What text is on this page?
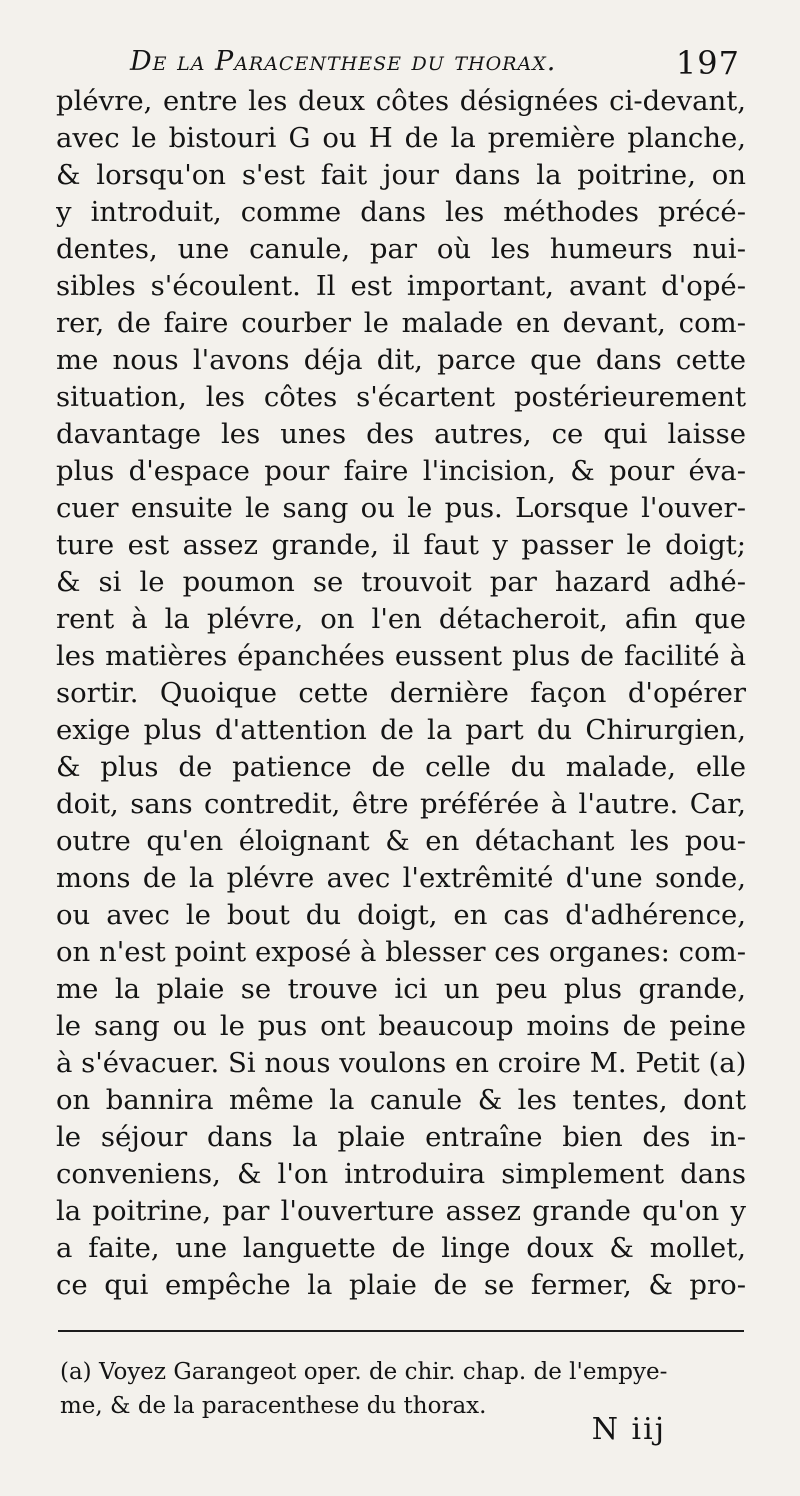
De la Paracenthese du thorax.	197
plévre, entre les deux côtes désignées ci-devant,
avec le bistouri G ou H de la première planche,
& lorsqu'on s'est fait jour dans la poitrine, on
y introduit, comme dans les méthodes précé-
dentes, une canule, par où les humeurs nui-
sibles s'écoulent. Il est important, avant d'opé-
rer, de faire courber le malade en devant, com-
me nous l'avons déja dit, parce que dans cette
situation, les côtes s'écartent postérieurement
davantage les unes des autres, ce qui laisse
plus d'espace pour faire l'incision, & pour éva-
cuer ensuite le sang ou le pus. Lorsque l'ouver-
ture est assez grande, il faut y passer le doigt;
& si le poumon se trouvoit par hazard adhé-
rent à la plévre, on l'en détacheroit, afin que
les matières épanchées eussent plus de facilité à
sortir. Quoique cette dernière façon d'opérer
exige plus d'attention de la part du Chirurgien,
& plus de patience de celle du malade, elle
doit, sans contredit, être préférée à l'autre. Car,
outre qu'en éloignant & en détachant les pou-
mons de la plévre avec l'extrêmité d'une sonde,
ou avec le bout du doigt, en cas d'adhérence,
on n'est point exposé à blesser ces organes: com-
me la plaie se trouve ici un peu plus grande,
le sang ou le pus ont beaucoup moins de peine
à s'évacuer. Si nous voulons en croire M. Petit (a)
on bannira même la canule & les tentes, dont
le séjour dans la plaie entraîne bien des in-
conveniens, & l'on introduira simplement dans
la poitrine, par l'ouverture assez grande qu'on y
a faite, une languette de linge doux & mollet,
ce qui empêche la plaie de se fermer, & pro-
(a) Voyez Garangeot oper. de chir. chap. de l'empye-
me, & de la paracenthese du thorax.
N iij
